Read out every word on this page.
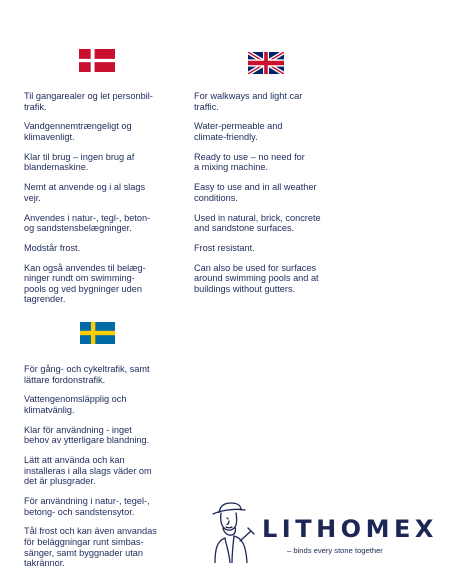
Til gangarealer og let personbil-
trafik.

Vandgennemtrængeligt og
klimavenligt.

Klar til brug – ingen brug af
blandemaskine.

Nemt at anvende og i al slags
vejr.

Anvendes i natur-, tegl-, beton-
og sandstensbelægninger.

Modstår frost.

Kan også anvendes til belæg-
ninger rundt om swimming-
pools og ved bygninger uden
tagrender.

For walkways and light car
traffic.

Water-permeable and
climate-friendly.

Ready to use – no need for
a mixing machine.

Easy to use and in all weather
conditions.

Used in natural, brick, concrete
and sandstone surfaces.

Frost resistant.

Can also be used for surfaces
around swimming pools and at
buildings without gutters.

För gång- och cykeltrafik, samt
lättare fordonstrafik.

Vattengenomsläpplig och
klimatvänlig.

Klar för användning - inget
behov av ytterligare blandning.

Lätt att använda och kan
installeras i alla slags väder om
det är plusgrader.

För användning i natur-, tegel-,
betong- och sandstensytor.

Tål frost och kan även anvandas
för beläggningar runt simbas-
sänger, samt byggnader utan
takrännor.

LITHOMEX
– binds every stone together
